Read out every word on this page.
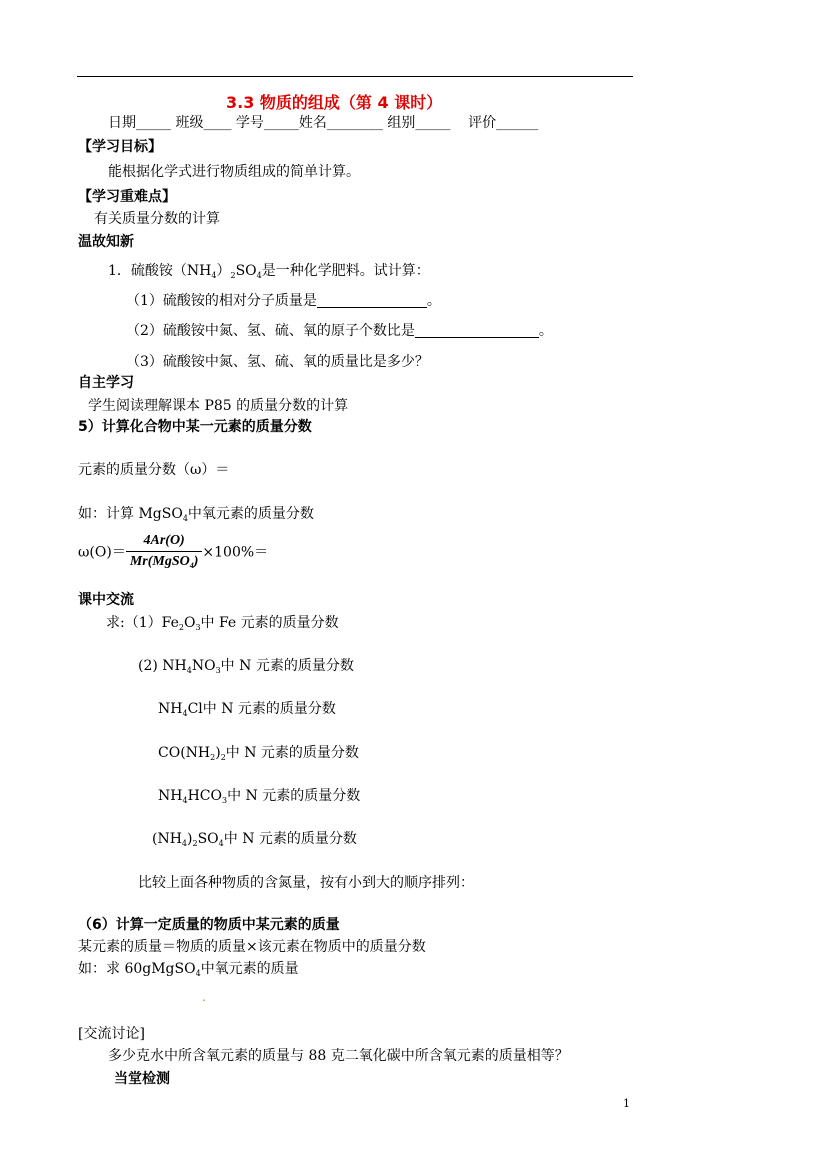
3.3 物质的组成（第 4 课时）
日期_____ 班级____ 学号_____姓名________ 组别_____ 评价______
【学习目标】
能根据化学式进行物质组成的简单计算。
【学习重难点】
有关质量分数的计算
温故知新
1．硫酸铵$(NH_4)_2SO_4$是一种化学肥料。试计算：
（1）硫酸铵的相对分子质量是	。
（2）硫酸铵中氮、氢、硫、氧的原子个数比是	。
（3）硫酸铵中氮、氢、硫、氧的质量比是多少？
自主学习
学生阅读理解课本 P85 的质量分数的计算
5）计算化合物中某一元素的质量分数
元素的质量分数（ω）＝
如：计算 MgSO$_4$中氧元素的质量分数
$\omega(O)= \frac{4Ar(O)}{Mr(MgSO_4)} \times 100\%=$
课中交流
求$:(1)Fe_2O_3$中 Fe 元素的质量分数
(2) $NH_4NO_3$中 N 元素的质量分数
$NH_4Cl$中 N 元素的质量分数
$CO(NH_2)_2$中 N 元素的质量分数
$NH_4HCO_3$中 N 元素的质量分数
$(NH_4)_2SO_4$中 N 元素的质量分数
比较上面各种物质的含氮量，按有小到大的顺序排列：
（6）计算一定质量的物质中某元素的质量
某元素的质量＝物质的质量×该元素在物质中的质量分数
如：求 60gMgSO$_4$中氧元素的质量
.
[交流讨论]
多少克水中所含氧元素的质量与 88 克二氧化碳中所含氧元素的质量相等？
当堂检测
1
